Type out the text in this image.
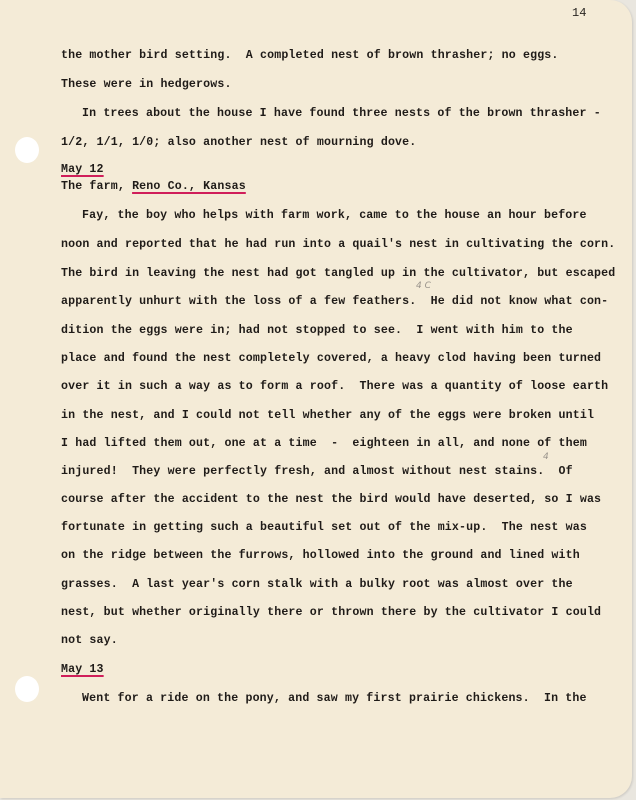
14
the mother bird setting.  A completed nest of brown thrasher; no eggs.
These were in hedgerows.
In trees about the house I have found three nests of the brown thrasher -
1/2, 1/1, 1/0; also another nest of mourning dove.
May 12
The farm, Reno Co., Kansas
Fay, the boy who helps with farm work, came to the house an hour before
noon and reported that he had run into a quail's nest in cultivating the corn.
The bird in leaving the nest had got tangled up in the cultivator, but escaped
4 C
apparently unhurt with the loss of a few feathers.  He did not know what con-
dition the eggs were in; had not stopped to see.  I went with him to the
place and found the nest completely covered, a heavy clod having been turned
over it in such a way as to form a roof.  There was a quantity of loose earth
in the nest, and I could not tell whether any of the eggs were broken until
I had lifted them out, one at a time  -  eighteen in all, and none of them
4
injured!  They were perfectly fresh, and almost without nest stains.  Of
course after the accident to the nest the bird would have deserted, so I was
fortunate in getting such a beautiful set out of the mix-up.  The nest was
on the ridge between the furrows, hollowed into the ground and lined with
grasses.  A last year's corn stalk with a bulky root was almost over the
nest, but whether originally there or thrown there by the cultivator I could
not say.
May 13
Went for a ride on the pony, and saw my first prairie chickens.  In the
